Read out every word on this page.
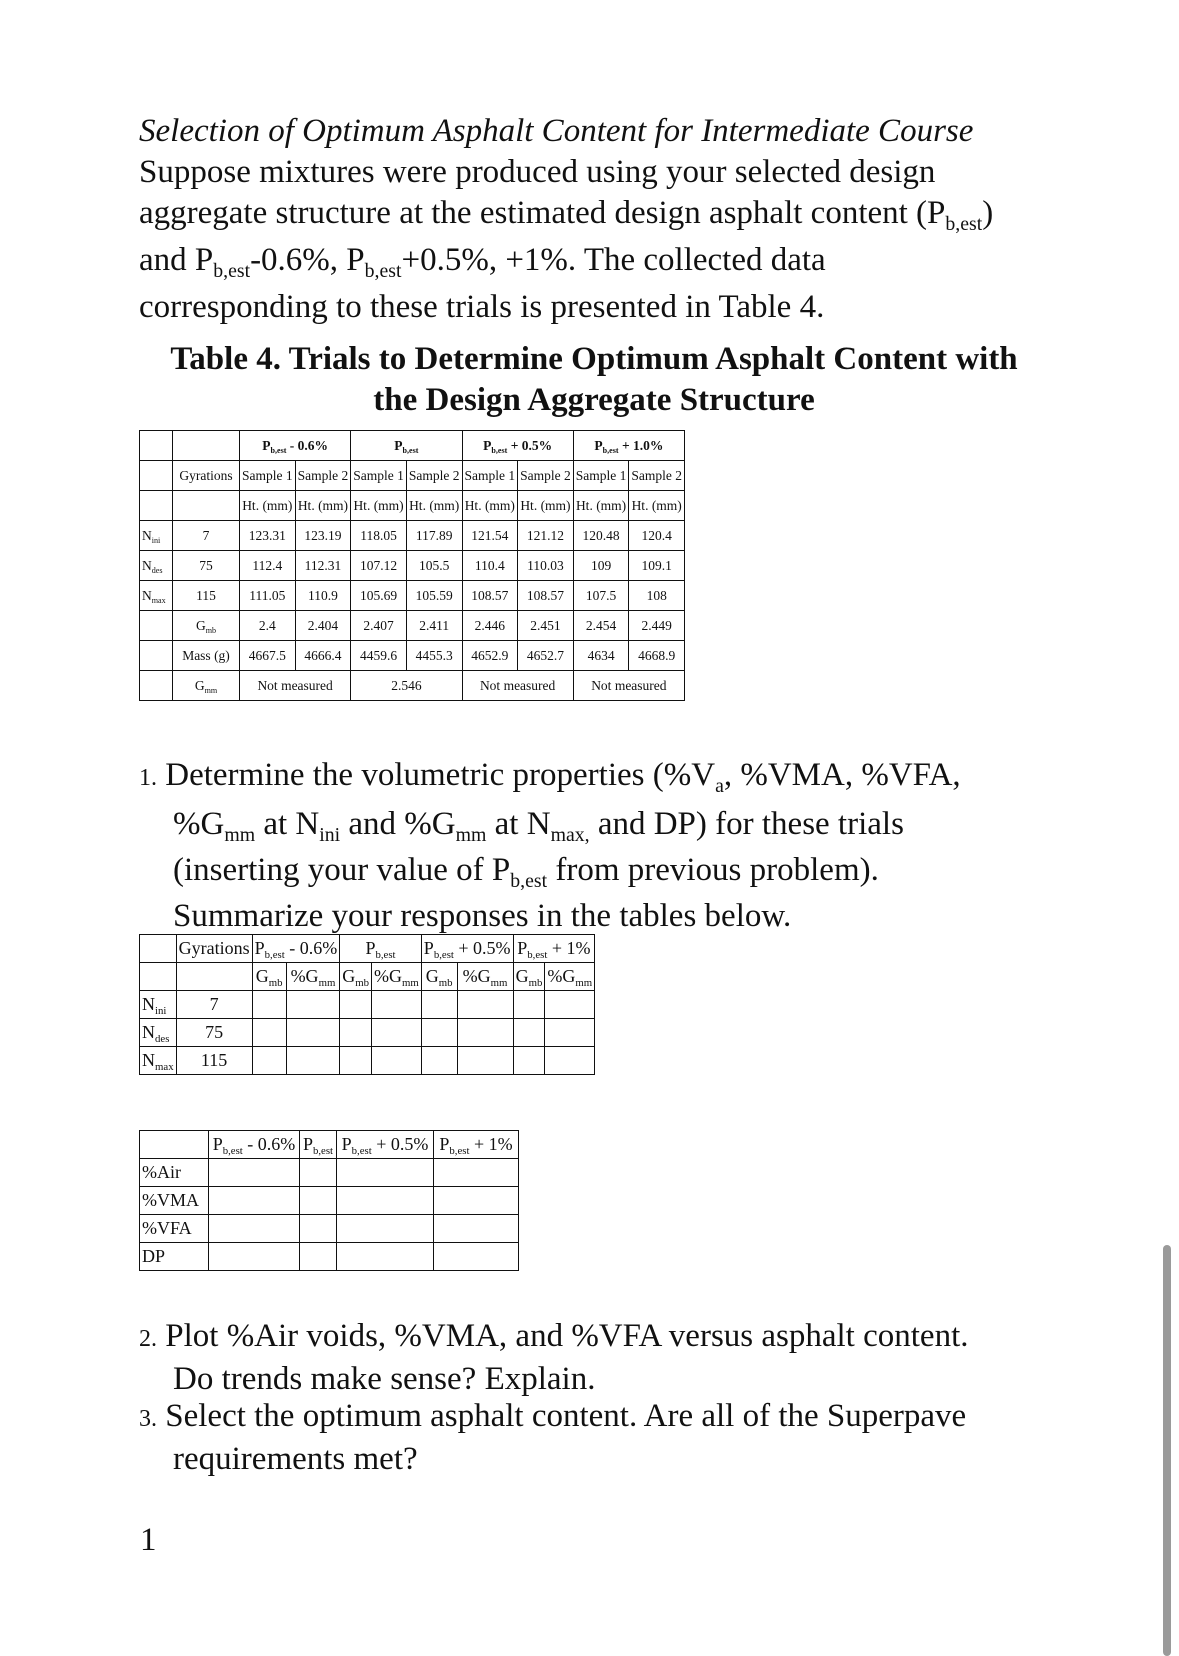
Selection of Optimum Asphalt Content for Intermediate Course
Suppose mixtures were produced using your selected design
aggregate structure at the estimated design asphalt content $(P_{b,est})$
and $P_{b,est}-0.6\%$, $P_{b,est}+0.5\%$, +1%. The collected data
corresponding to these trials is presented in Table 4.
Table 4. Trials to Determine Optimum Asphalt Content with
the Design Aggregate Structure
		$P_{b,est} - 0.6\%$		$P_{b,est}$		$P_{b,est} + 0.5\%$		$P_{b,est} + 1.0\%$	
	Gyrations	Sample 1	Sample 2	Sample 1	Sample 2	Sample 1	Sample 2	Sample 1	Sample 2
		Ht. (mm)	Ht. (mm)	Ht. (mm)	Ht. (mm)	Ht. (mm)	Ht. (mm)	Ht. (mm)	Ht. (mm)
$N_{ini}$	7	123.31	123.19	118.05	117.89	121.54	121.12	120.48	120.4
$N_{des}$	75	112.4	112.31	107.12	105.5	110.4	110.03	109	109.1
$N_{max}$	115	111.05	110.9	105.69	105.59	108.57	108.57	107.5	108
	$G_{mb}$	2.4	2.404	2.407	2.411	2.446	2.451	2.454	2.449
	Mass (g)	4667.5	4666.4	4459.6	4455.3	4652.9	4652.7	4634	4668.9
	$G_{mm}$	Not measured		2.546		Not measured		Not measured	
1. Determine the volumetric properties ($\%V_a$, %VMA, %VFA,
$\%G_{mm}$ at $N_{ini}$ and $\%G_{mm}$ at $N_{max,}$ and DP) for these trials
(inserting your value of $P_{b,est}$ from previous problem).
Summarize your responses in the tables below.
	Gyrations	$P_{b,est} - 0.6\%$		$P_{b,est}$		$P_{b,est} + 0.5\%$		$P_{b,est} + 1\%$	
		$G_{mb}$	$\%G_{mm}$	$G_{mb}$	$\%G_{mm}$	$G_{mb}$	$\%G_{mm}$	$G_{mb}$	$\%G_{mm}$
$N_{ini}$	7								
$N_{des}$	75								
$N_{max}$	115								
	$P_{b,est} - 0.6\%$	$P_{b,est}$	$P_{b,est} + 0.5\%$	$P_{b,est} + 1\%$
%Air				
%VMA				
%VFA				
DP				
2. Plot %Air voids, %VMA, and %VFA versus asphalt content.
Do trends make sense? Explain.
3. Select the optimum asphalt content. Are all of the Superpave
requirements met?
1
